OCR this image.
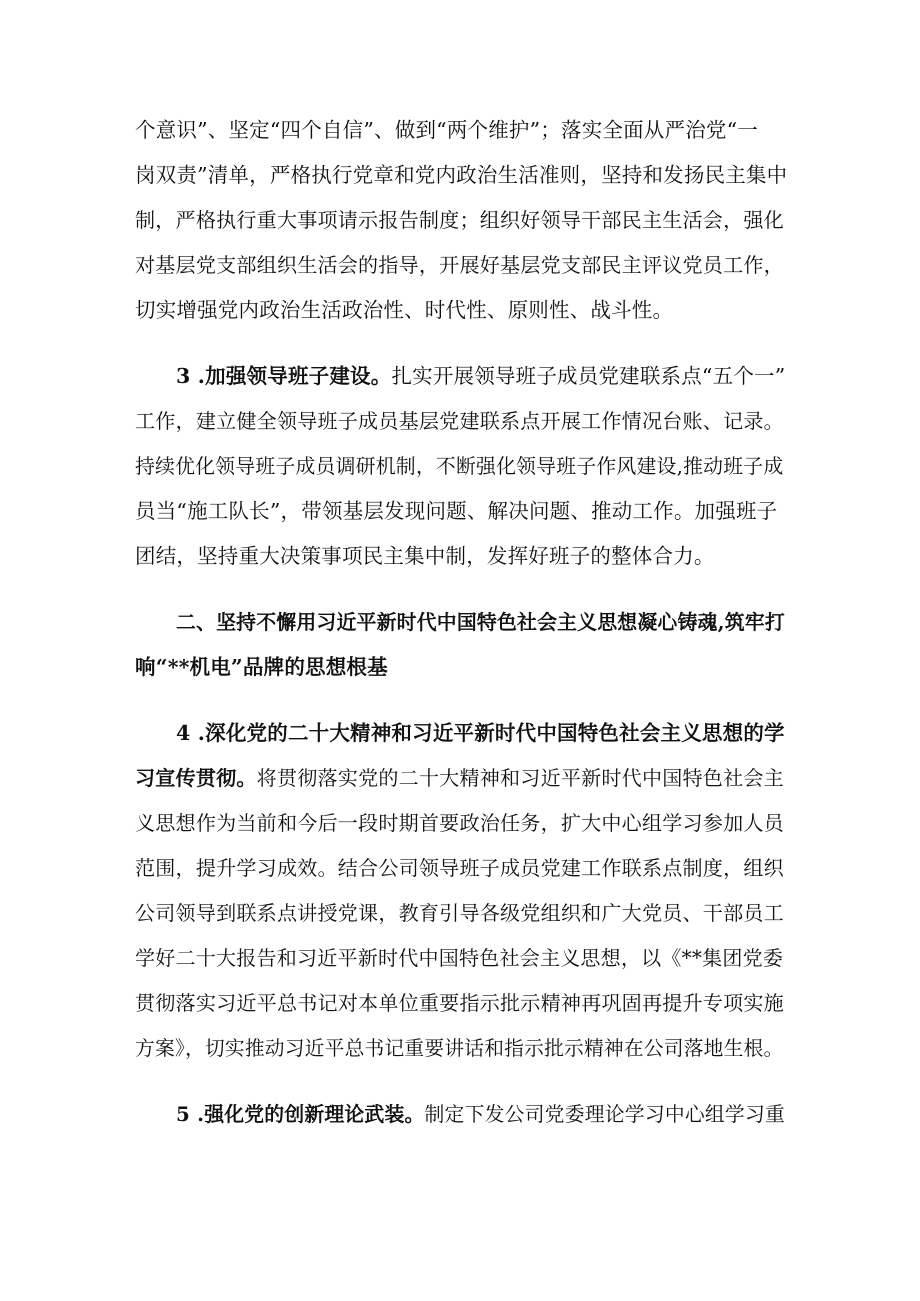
个意识”、坚定“四个自信”、做到“两个维护”；落实全面从严治党“一
岗双责”清单，严格执行党章和党内政治生活准则，坚持和发扬民主集中
制，严格执行重大事项请示报告制度；组织好领导干部民主生活会，强化
对基层党支部组织生活会的指导，开展好基层党支部民主评议党员工作，
切实增强党内政治生活政治性、时代性、原则性、战斗性。
3 .加强领导班子建设。扎实开展领导班子成员党建联系点“五个一”
工作，建立健全领导班子成员基层党建联系点开展工作情况台账、记录。
持续优化领导班子成员调研机制，不断强化领导班子作风建设,推动班子成
员当“施工队长”，带领基层发现问题、解决问题、推动工作。加强班子
团结，坚持重大决策事项民主集中制，发挥好班子的整体合力。
二、坚持不懈用习近平新时代中国特色社会主义思想凝心铸魂,筑牢打
响“**机电”品牌的思想根基
4 .深化党的二十大精神和习近平新时代中国特色社会主义思想的学
习宣传贯彻。将贯彻落实党的二十大精神和习近平新时代中国特色社会主
义思想作为当前和今后一段时期首要政治任务，扩大中心组学习参加人员
范围，提升学习成效。结合公司领导班子成员党建工作联系点制度，组织
公司领导到联系点讲授党课，教育引导各级党组织和广大党员、干部员工
学好二十大报告和习近平新时代中国特色社会主义思想，以《**集团党委
贯彻落实习近平总书记对本单位重要指示批示精神再巩固再提升专项实施
方案》，切实推动习近平总书记重要讲话和指示批示精神在公司落地生根。
5 .强化党的创新理论武装。制定下发公司党委理论学习中心组学习重
